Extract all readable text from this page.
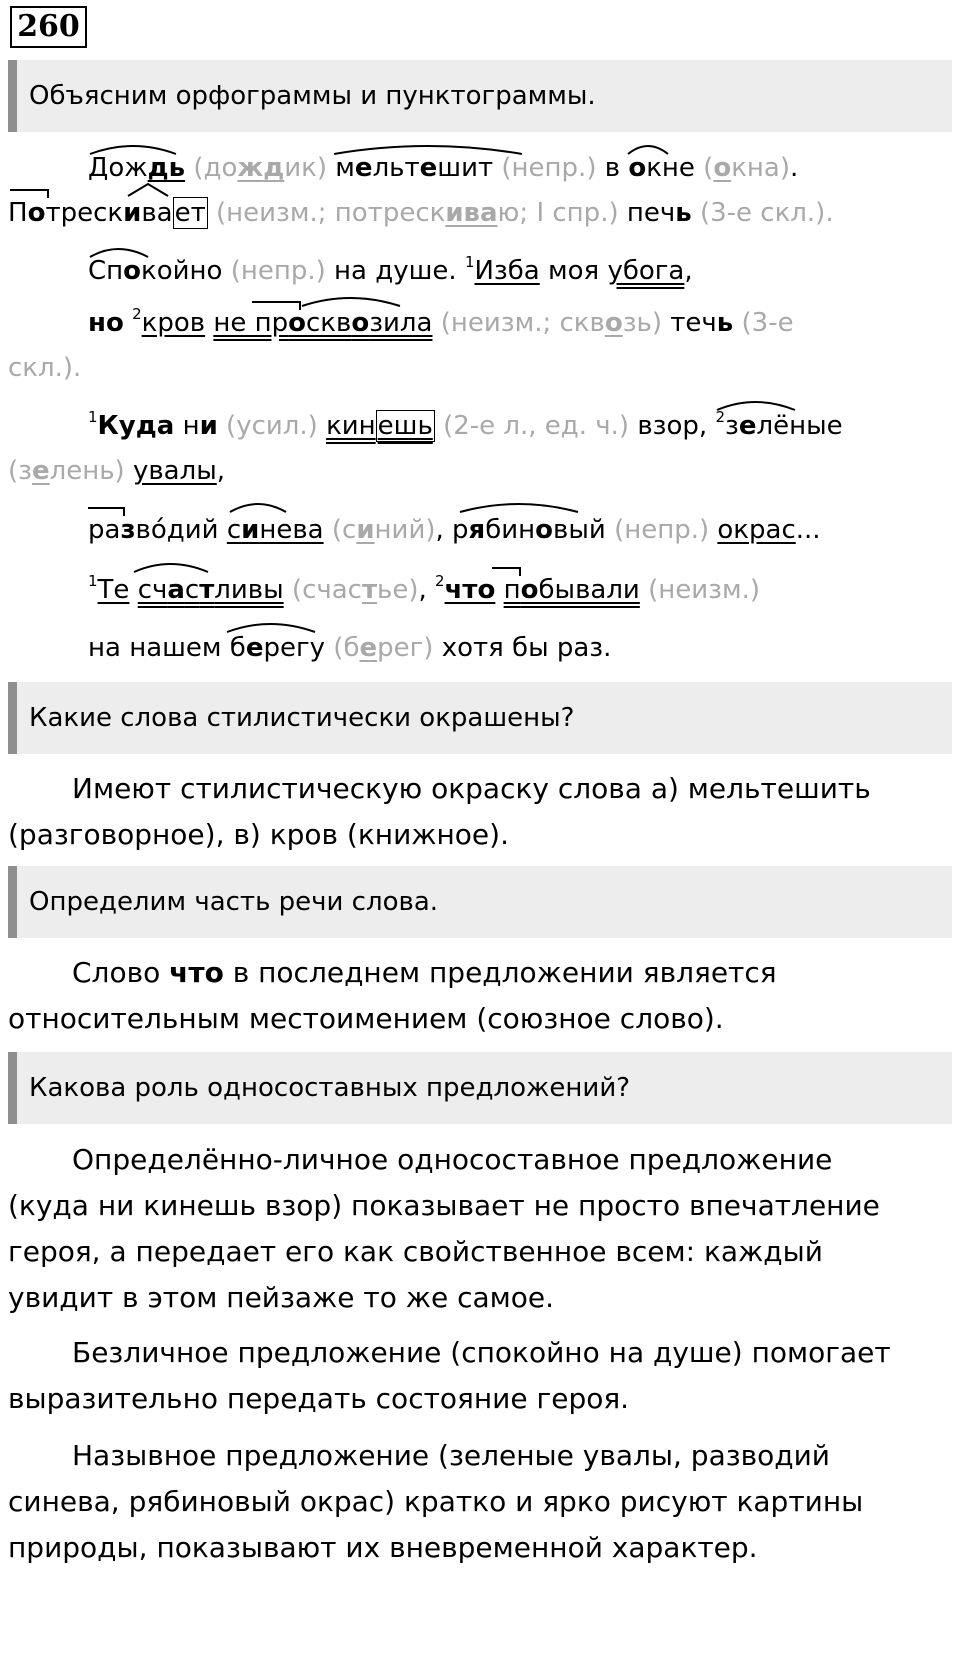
260
Объясним орфограммы и пунктограммы.
Дождь (дождик) мельтешит (непр.) в окне (окна).
Потрескивает (неизм.; потрескиваю; I спр.) печь (3-е скл.).
Спокойно (непр.) на душе. $^1$Изба моя убога,
но $^2$кров не просквозила (неизм.; сквозь) течь (3-е
скл.).
$^1$Куда ни (усил.) кинешь (2-е л., ед. ч.) взор, $^2$зелёные
(зелень) увалы,
разво́дий синева (синий), рябиновый (непр.) окрас...
$^1$Те счастливы (счастье), $^2$что побывали (неизм.)
на нашем берегу (берег) хотя бы раз.
Какие слова стилистически окрашены?
Имеют стилистическую окраску слова а) мельтешить (разговорное), в) кров (книжное).
Определим часть речи слова.
Слово что в последнем предложении является относительным местоимением (союзное слово).
Какова роль односоставных предложений?
Определённо-личное односоставное предложение (куда ни кинешь взор) показывает не просто впечатление героя, а передает его как свойственное всем: каждый увидит в этом пейзаже то же самое.
Безличное предложение (спокойно на душе) помогает выразительно передать состояние героя.
Назывное предложение (зеленые увалы, разводий синева, рябиновый окрас) кратко и ярко рисуют картины природы, показывают их вневременной характер.
